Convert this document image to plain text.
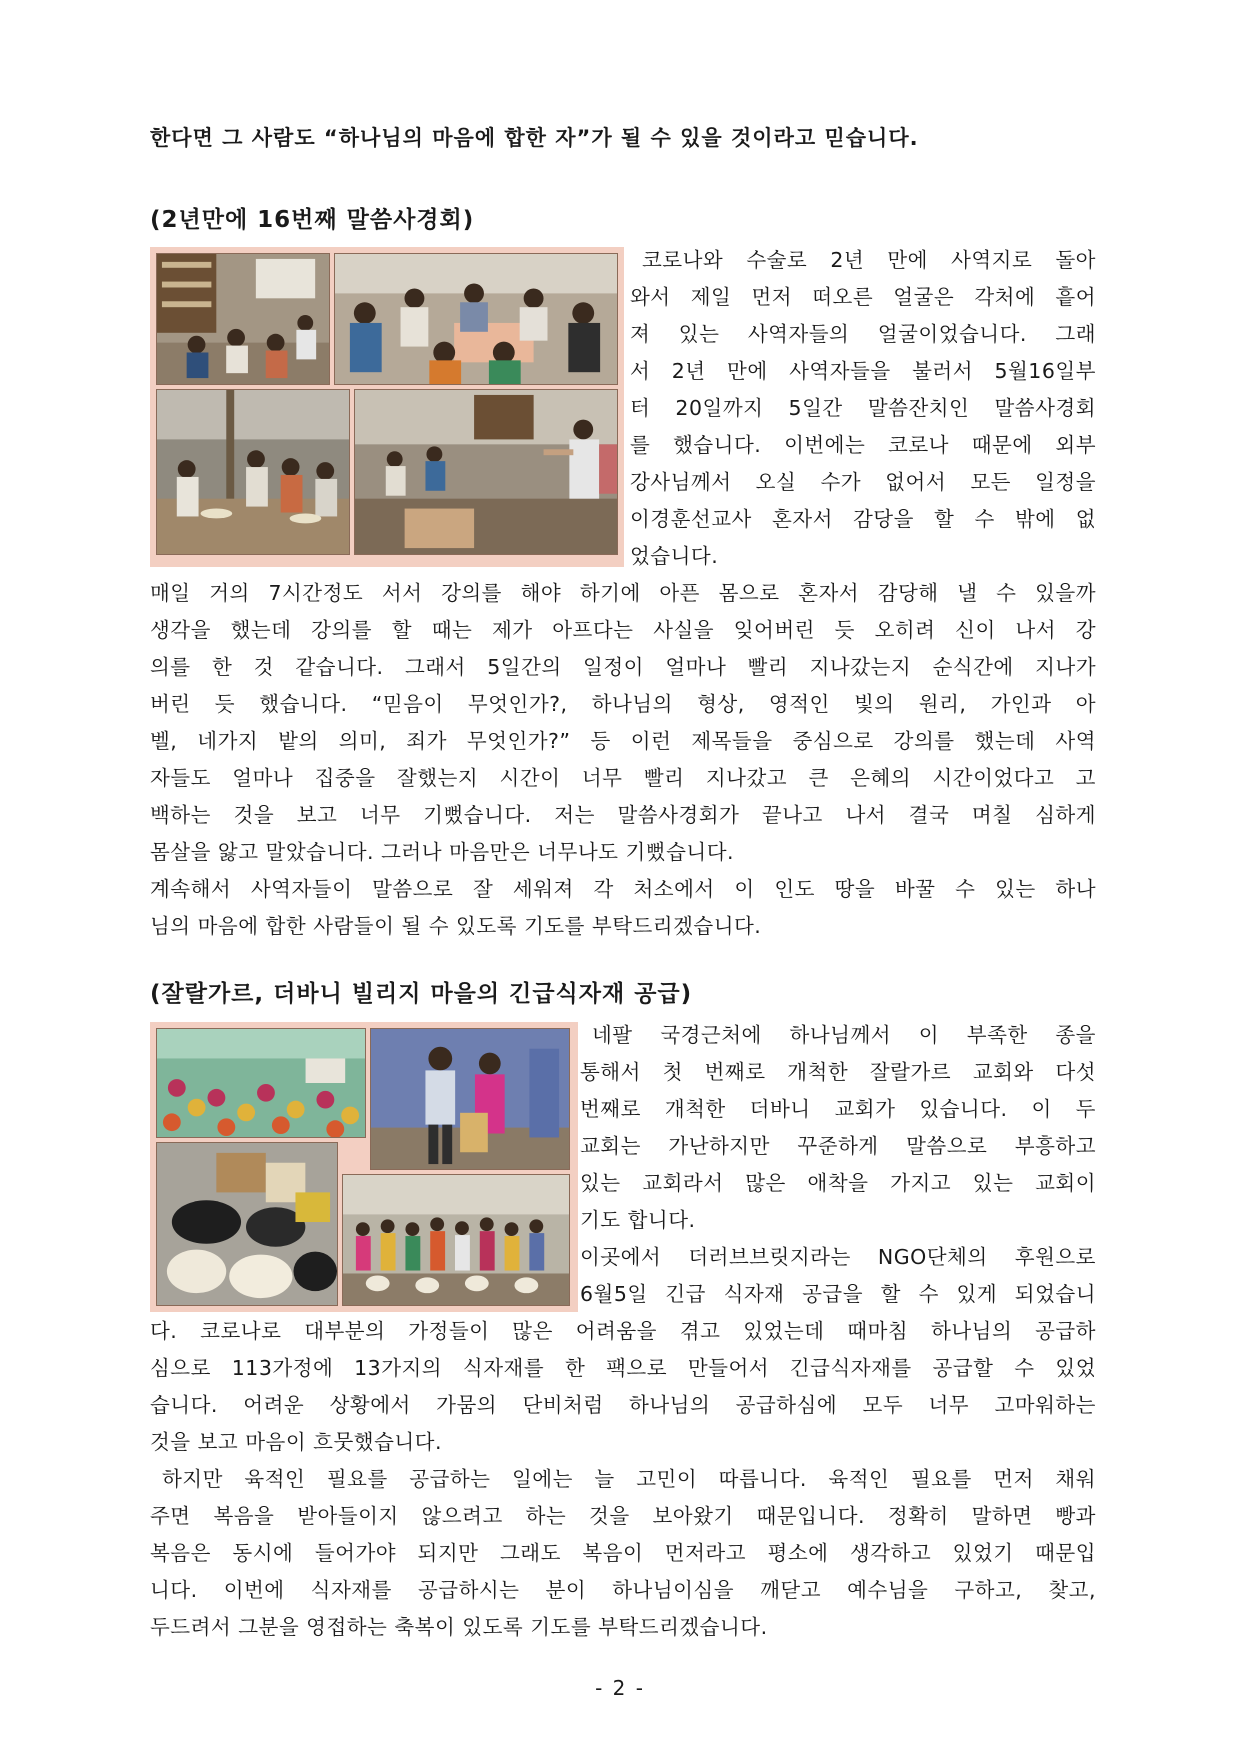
한다면 그 사람도 “하나님의 마음에 합한 자”가 될 수 있을 것이라고 믿습니다.
(2년만에 16번째 말씀사경회)
코로나와 수술로 2년 만에 사역지로 돌아
와서 제일 먼저 떠오른 얼굴은 각처에 흩어
져 있는 사역자들의 얼굴이었습니다. 그래
서 2년 만에 사역자들을 불러서 5월16일부
터 20일까지 5일간 말씀잔치인 말씀사경회
를 했습니다. 이번에는 코로나 때문에 외부
강사님께서 오실 수가 없어서 모든 일정을
이경훈선교사 혼자서 감당을 할 수 밖에 없
었습니다.
매일 거의 7시간정도 서서 강의를 해야 하기에 아픈 몸으로 혼자서 감당해 낼 수 있을까
생각을 했는데 강의를 할 때는 제가 아프다는 사실을 잊어버린 듯 오히려 신이 나서 강
의를 한 것 같습니다. 그래서 5일간의 일정이 얼마나 빨리 지나갔는지 순식간에 지나가
버린 듯 했습니다. “믿음이 무엇인가?, 하나님의 형상, 영적인 빛의 원리, 가인과 아
벨, 네가지 밭의 의미, 죄가 무엇인가?” 등 이런 제목들을 중심으로 강의를 했는데 사역
자들도 얼마나 집중을 잘했는지 시간이 너무 빨리 지나갔고 큰 은혜의 시간이었다고 고
백하는 것을 보고 너무 기뻤습니다. 저는 말씀사경회가 끝나고 나서 결국 며칠 심하게
몸살을 앓고 말았습니다. 그러나 마음만은 너무나도 기뻤습니다.
계속해서 사역자들이 말씀으로 잘 세워져 각 처소에서 이 인도 땅을 바꿀 수 있는 하나
님의 마음에 합한 사람들이 될 수 있도록 기도를 부탁드리겠습니다.
(잘랄가르, 더바니 빌리지 마을의 긴급식자재 공급)
네팔 국경근처에 하나님께서 이 부족한 종을
통해서 첫 번째로 개척한 잘랄가르 교회와 다섯
번째로 개척한 더바니 교회가 있습니다. 이 두
교회는 가난하지만 꾸준하게 말씀으로 부흥하고
있는 교회라서 많은 애착을 가지고 있는 교회이
기도 합니다.
이곳에서 더러브브릿지라는 NGO단체의 후원으로
6월5일 긴급 식자재 공급을 할 수 있게 되었습니
다. 코로나로 대부분의 가정들이 많은 어려움을 겪고 있었는데 때마침 하나님의 공급하
심으로 113가정에 13가지의 식자재를 한 팩으로 만들어서 긴급식자재를 공급할 수 있었
습니다. 어려운 상황에서 가뭄의 단비처럼 하나님의 공급하심에 모두 너무 고마워하는
것을 보고 마음이 흐뭇했습니다.
하지만 육적인 필요를 공급하는 일에는 늘 고민이 따릅니다. 육적인 필요를 먼저 채워
주면 복음을 받아들이지 않으려고 하는 것을 보아왔기 때문입니다. 정확히 말하면 빵과
복음은 동시에 들어가야 되지만 그래도 복음이 먼저라고 평소에 생각하고 있었기 때문입
니다. 이번에 식자재를 공급하시는 분이 하나님이심을 깨닫고 예수님을 구하고, 찾고,
두드려서 그분을 영접하는 축복이 있도록 기도를 부탁드리겠습니다.
- 2 -
